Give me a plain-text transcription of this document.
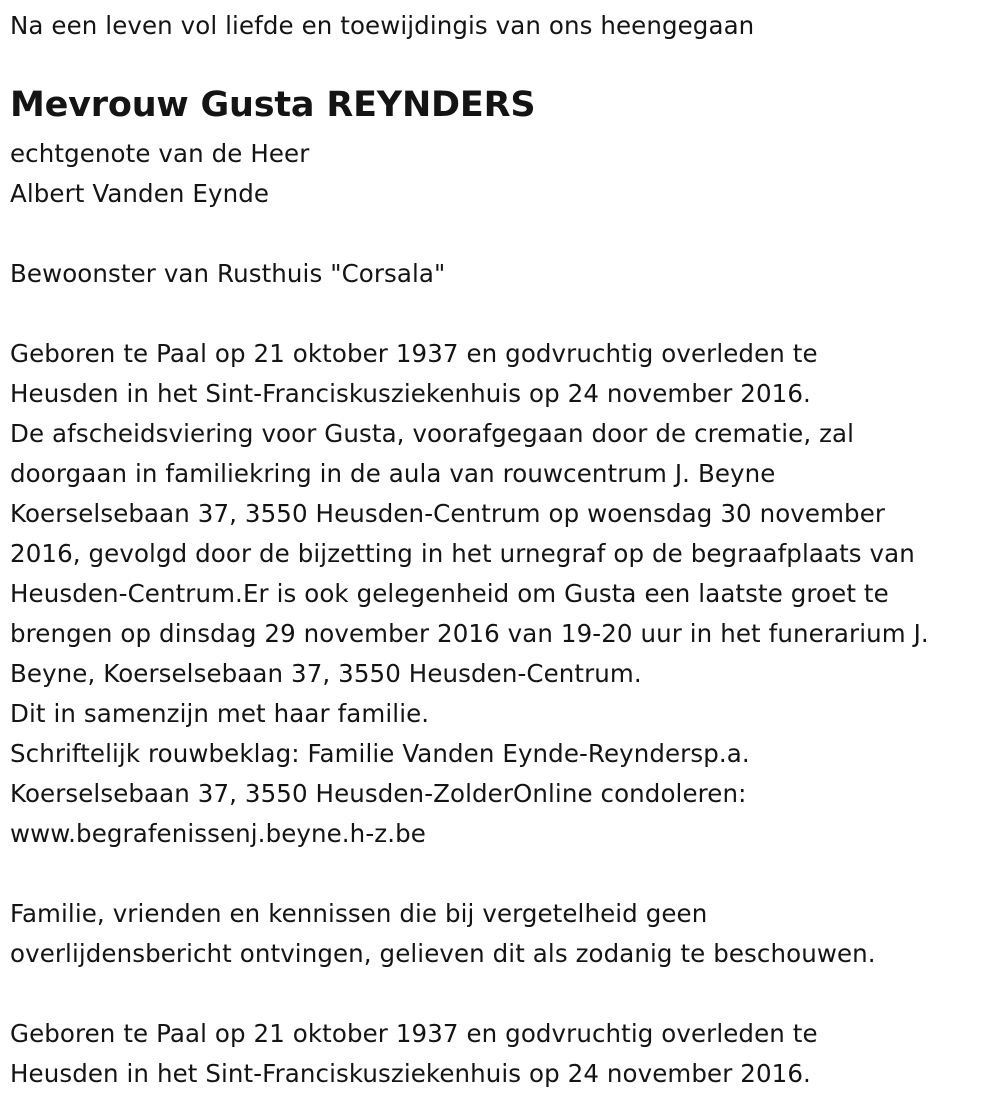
Na een leven vol liefde en toewijdingis van ons heengegaan
Mevrouw Gusta REYNDERS
echtgenote van de Heer
Albert Vanden Eynde
Bewoonster van Rusthuis "Corsala"
Geboren te Paal op 21 oktober 1937 en godvruchtig overleden te
Heusden in het Sint-Franciskusziekenhuis op 24 november 2016.
De afscheidsviering voor Gusta, voorafgegaan door de crematie, zal
doorgaan in familiekring in de aula van rouwcentrum J. Beyne
Koerselsebaan 37, 3550 Heusden-Centrum op woensdag 30 november
2016, gevolgd door de bijzetting in het urnegraf op de begraafplaats van
Heusden-Centrum.Er is ook gelegenheid om Gusta een laatste groet te
brengen op dinsdag 29 november 2016 van 19-20 uur in het funerarium J.
Beyne, Koerselsebaan 37, 3550 Heusden-Centrum.
Dit in samenzijn met haar familie.
Schriftelijk rouwbeklag: Familie Vanden Eynde-Reyndersp.a.
Koerselsebaan 37, 3550 Heusden-ZolderOnline condoleren:
www.begrafenissenj.beyne.h-z.be
Familie, vrienden en kennissen die bij vergetelheid geen
overlijdensbericht ontvingen, gelieven dit als zodanig te beschouwen.
Geboren te Paal op 21 oktober 1937 en godvruchtig overleden te
Heusden in het Sint-Franciskusziekenhuis op 24 november 2016.
